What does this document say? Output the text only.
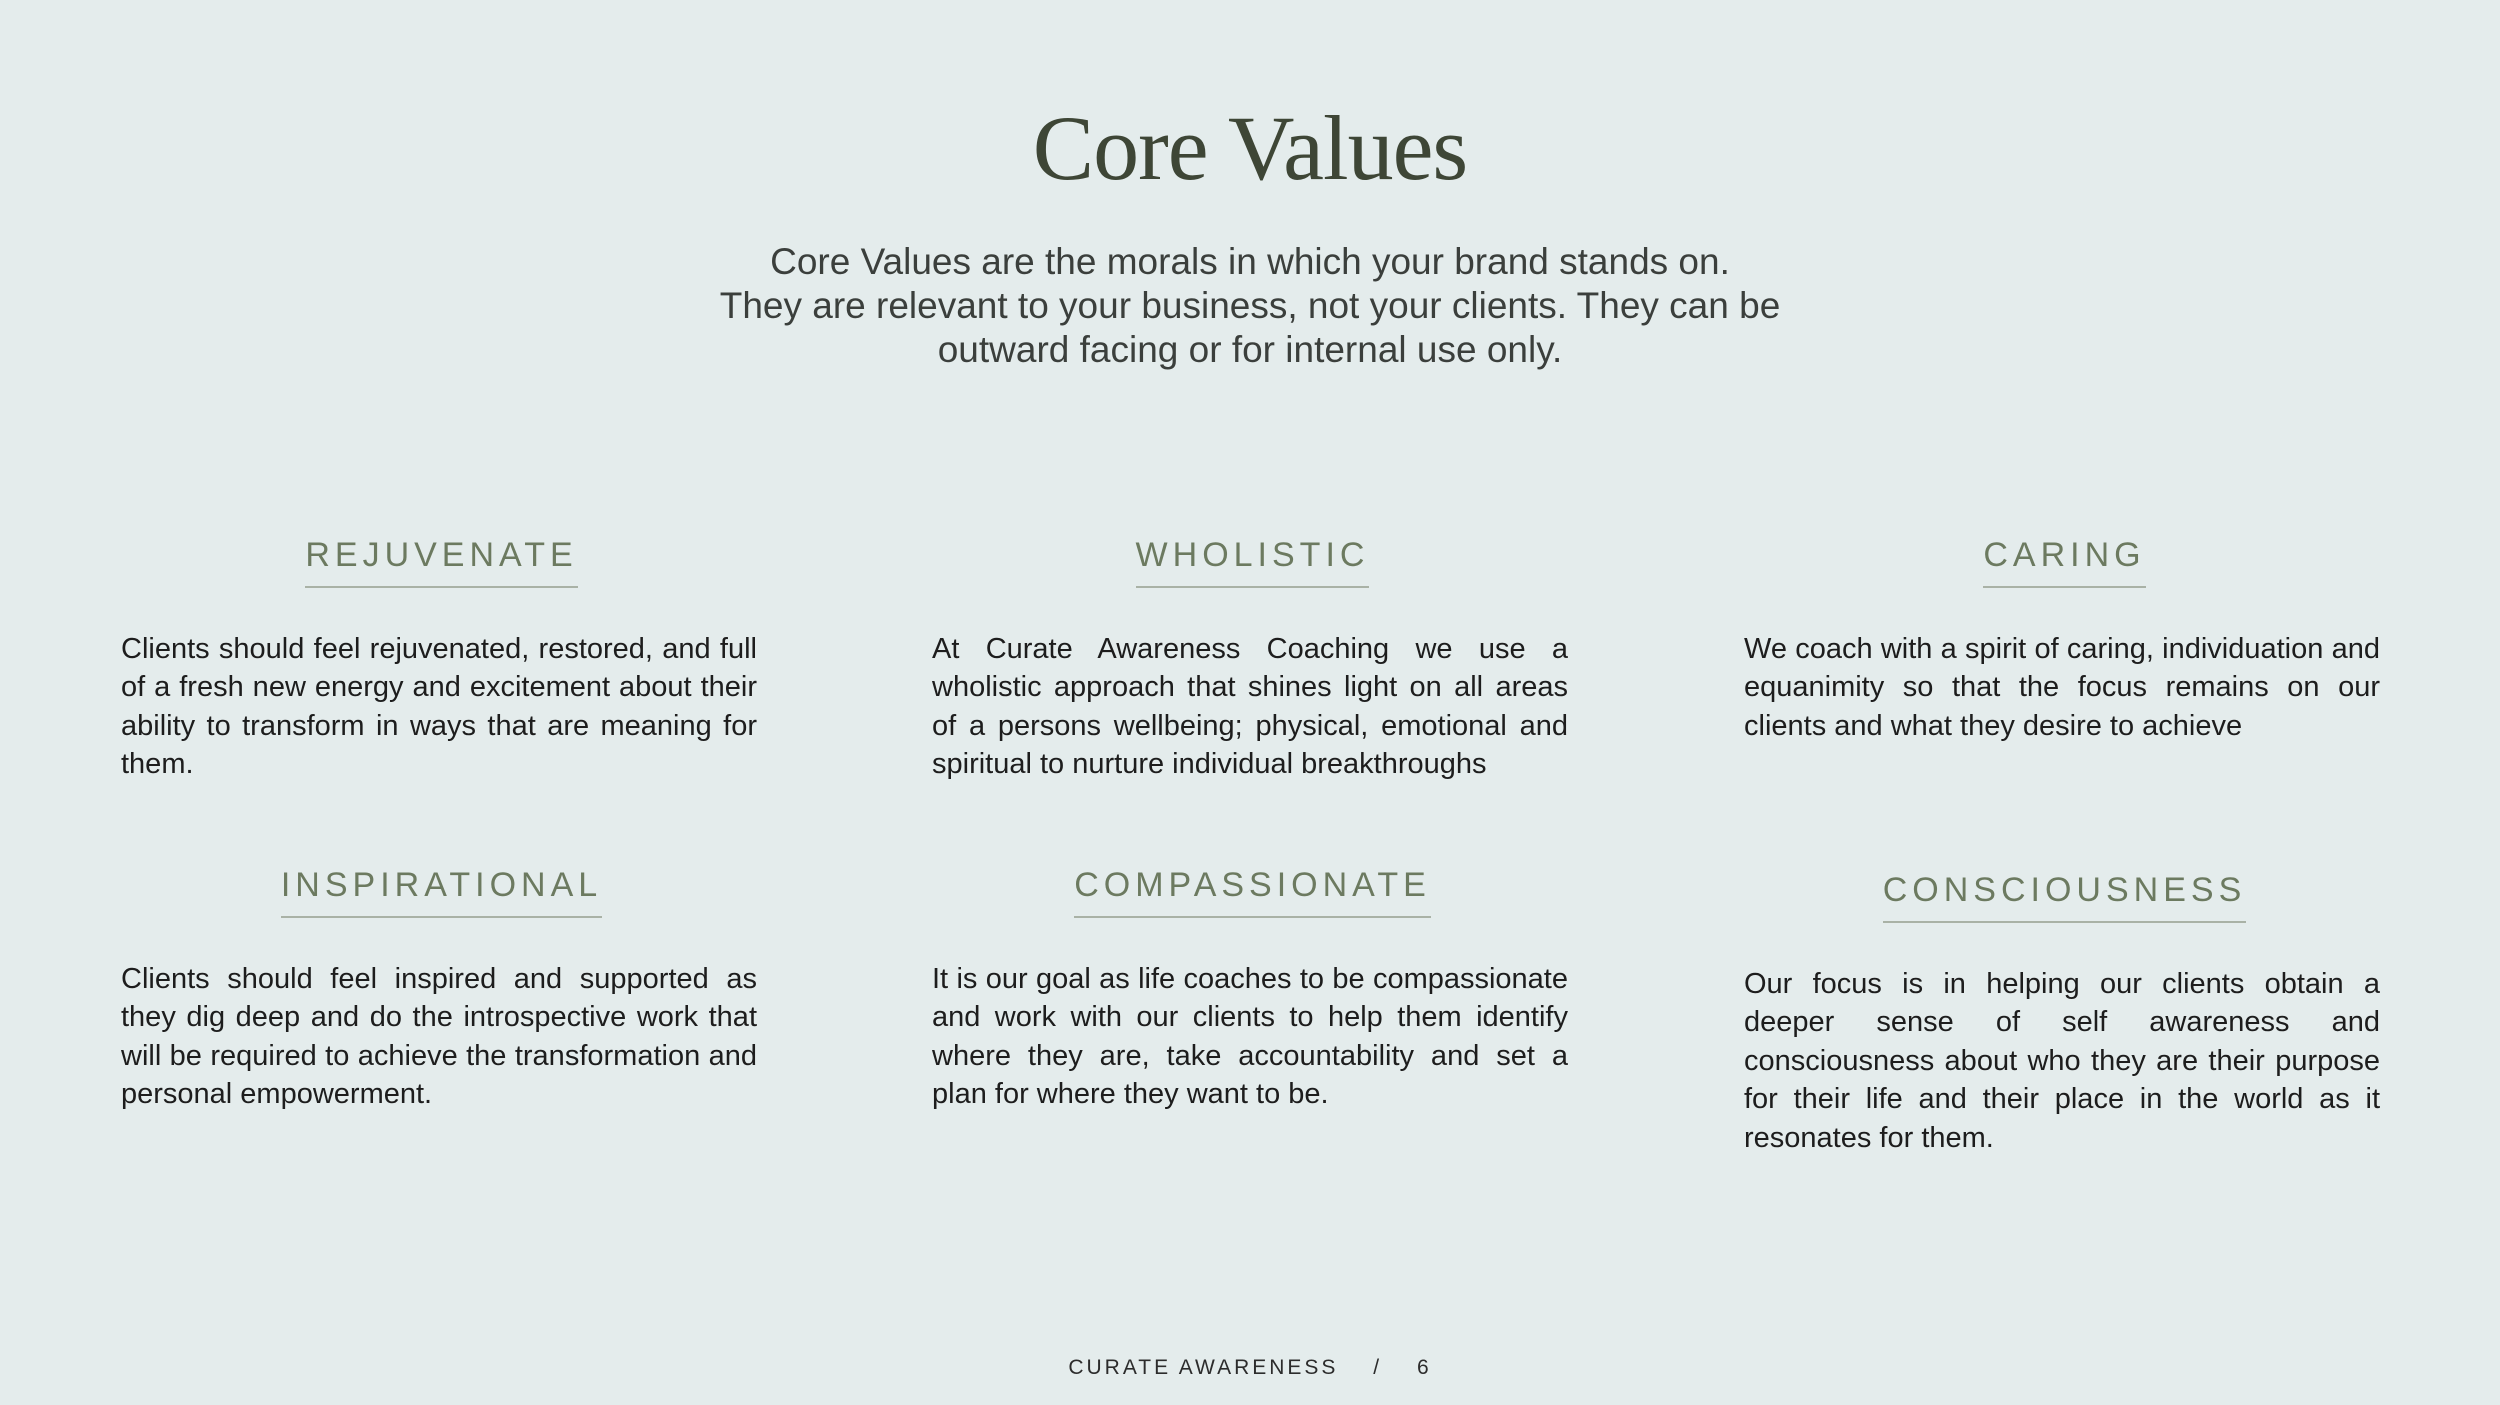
Core Values
Core Values are the morals in which your brand stands on.
They are relevant to your business, not your clients. They can be
outward facing or for internal use only.
REJUVENATE
Clients should feel rejuvenated, restored, and full of a fresh new energy and excitement about their ability to transform in ways that are meaning for them.
WHOLISTIC
At Curate Awareness Coaching we use a wholistic approach that shines light on all areas of a persons wellbeing; physical, emotional and spiritual to nurture individual breakthroughs
CARING
We coach with a spirit of caring, individuation and equanimity so that the focus remains on our clients and what they desire to achieve
INSPIRATIONAL
Clients should feel inspired and supported as they dig deep and do the introspective work that will be required to achieve the transformation and personal empowerment.
COMPASSIONATE
It is our goal as life coaches to be compassionate and work with our clients to help them identify where they are, take accountability and set a plan for where they want to be.
CONSCIOUSNESS
Our focus is in helping our clients obtain a deeper sense of self awareness and consciousness about who they are their purpose for their life and their place in the world as it resonates for them.
CURATE AWARENESS / 6
